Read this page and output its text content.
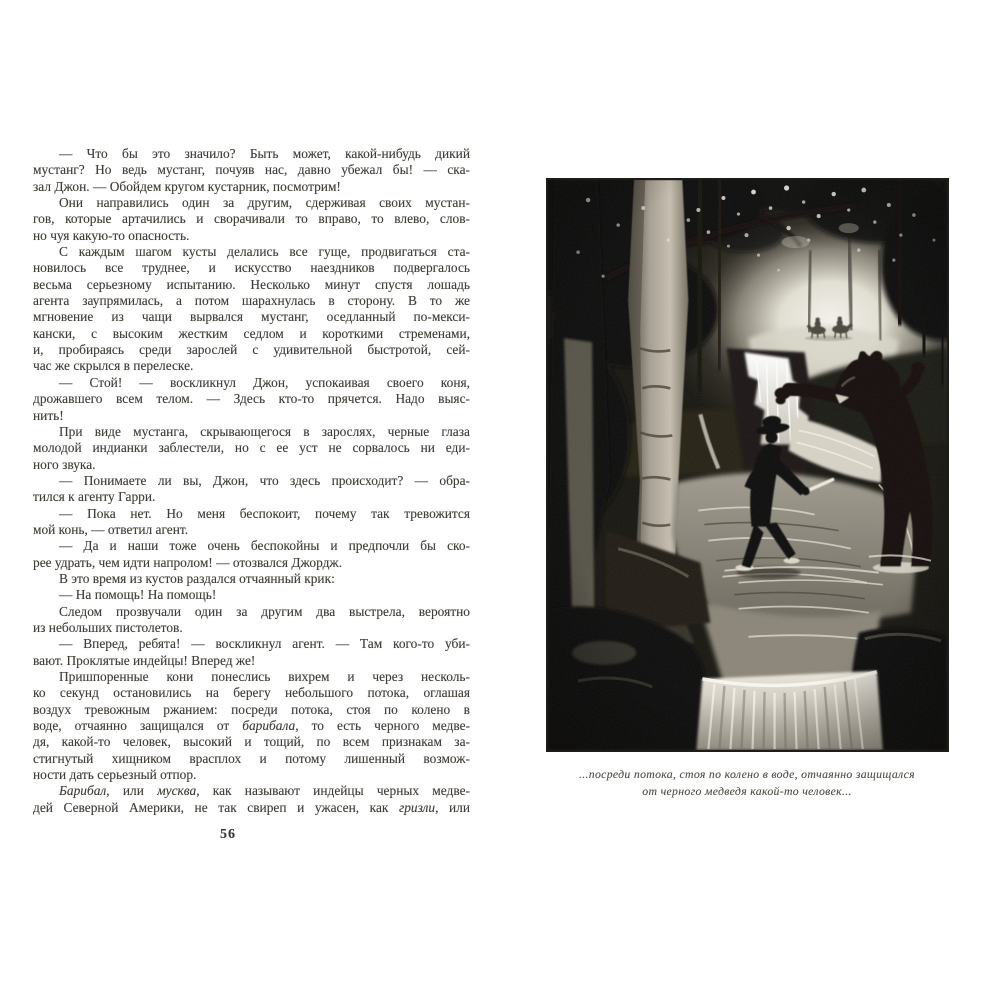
— Что бы это значило? Быть может, какой-нибудь дикий
мустанг? Но ведь мустанг, почуяв нас, давно убежал бы! — ска-
зал Джон. — Обойдем кругом кустарник, посмотрим!
Они направились один за другим, сдерживая своих мустан-
гов, которые артачились и сворачивали то вправо, то влево, слов-
но чуя какую-то опасность.
С каждым шагом кусты делались все гуще, продвигаться ста-
новилось все труднее, и искусство наездников подвергалось
весьма серьезному испытанию. Несколько минут спустя лошадь
агента заупрямилась, а потом шарахнулась в сторону. В то же
мгновение из чащи вырвался мустанг, оседланный по-мекси-
кански, с высоким жестким седлом и короткими стременами,
и, пробираясь среди зарослей с удивительной быстротой, сей-
час же скрылся в перелеске.
— Стой! — воскликнул Джон, успокаивая своего коня,
дрожавшего всем телом. — Здесь кто-то прячется. Надо выяс-
нить!
При виде мустанга, скрывающегося в зарослях, черные глаза
молодой индианки заблестели, но с ее уст не сорвалось ни еди-
ного звука.
— Понимаете ли вы, Джон, что здесь происходит? — обра-
тился к агенту Гарри.
— Пока нет. Но меня беспокоит, почему так тревожится
мой конь, — ответил агент.
— Да и наши тоже очень беспокойны и предпочли бы ско-
рее удрать, чем идти напролом! — отозвался Джордж.
В это время из кустов раздался отчаянный крик:
— На помощь! На помощь!
Следом прозвучали один за другим два выстрела, вероятно
из небольших пистолетов.
— Вперед, ребята! — воскликнул агент. — Там кого-то уби-
вают. Проклятые индейцы! Вперед же!
Пришпоренные кони понеслись вихрем и через несколь-
ко секунд остановились на берегу небольшого потока, оглашая
воздух тревожным ржанием: посреди потока, стоя по колено в
воде, отчаянно защищался от барибала, то есть черного медве-
дя, какой-то человек, высокий и тощий, по всем признакам за-
стигнутый хищником врасплох и потому лишенный возмож-
ности дать серьезный отпор.
Барибал, или мусква, как называют индейцы черных медве-
дей Северной Америки, не так свиреп и ужасен, как гризли, или
56
...посреди потока, стоя по колено в воде, отчаянно защищался
от черного медведя какой-то человек...
